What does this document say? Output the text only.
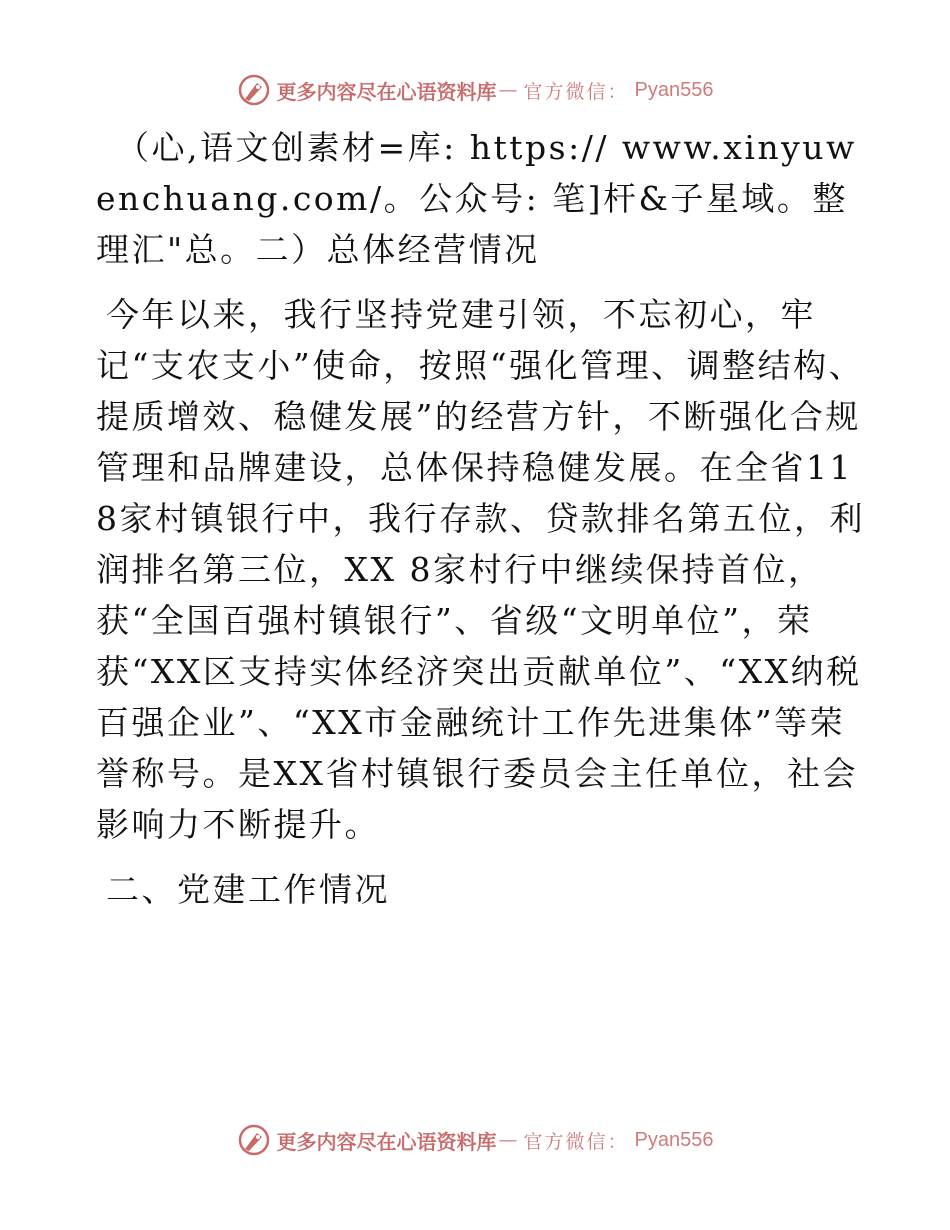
更多内容尽在心语资料库 — 官方微信： Pyan556

（心,语文创素材=库: https:// www.xinyuwenchuang.com/。公众号: 笔]杆&子星域。整理汇"总。二）总体经营情况

今年以来，我行坚持党建引领，不忘初心，牢记“支农支小”使命，按照“强化管理、调整结构、提质增效、稳健发展”的经营方针，不断强化合规管理和品牌建设，总体保持稳健发展。在全省118家村镇银行中，我行存款、贷款排名第五位，利润排名第三位，XX 8家村行中继续保持首位，获“全国百强村镇银行”、省级“文明单位”，荣获“XX区支持实体经济突出贡献单位”、“XX纳税百强企业”、“XX市金融统计工作先进集体”等荣誉称号。是XX省村镇银行委员会主任单位，社会影响力不断提升。

二、党建工作情况

更多内容尽在心语资料库 — 官方微信： Pyan556
